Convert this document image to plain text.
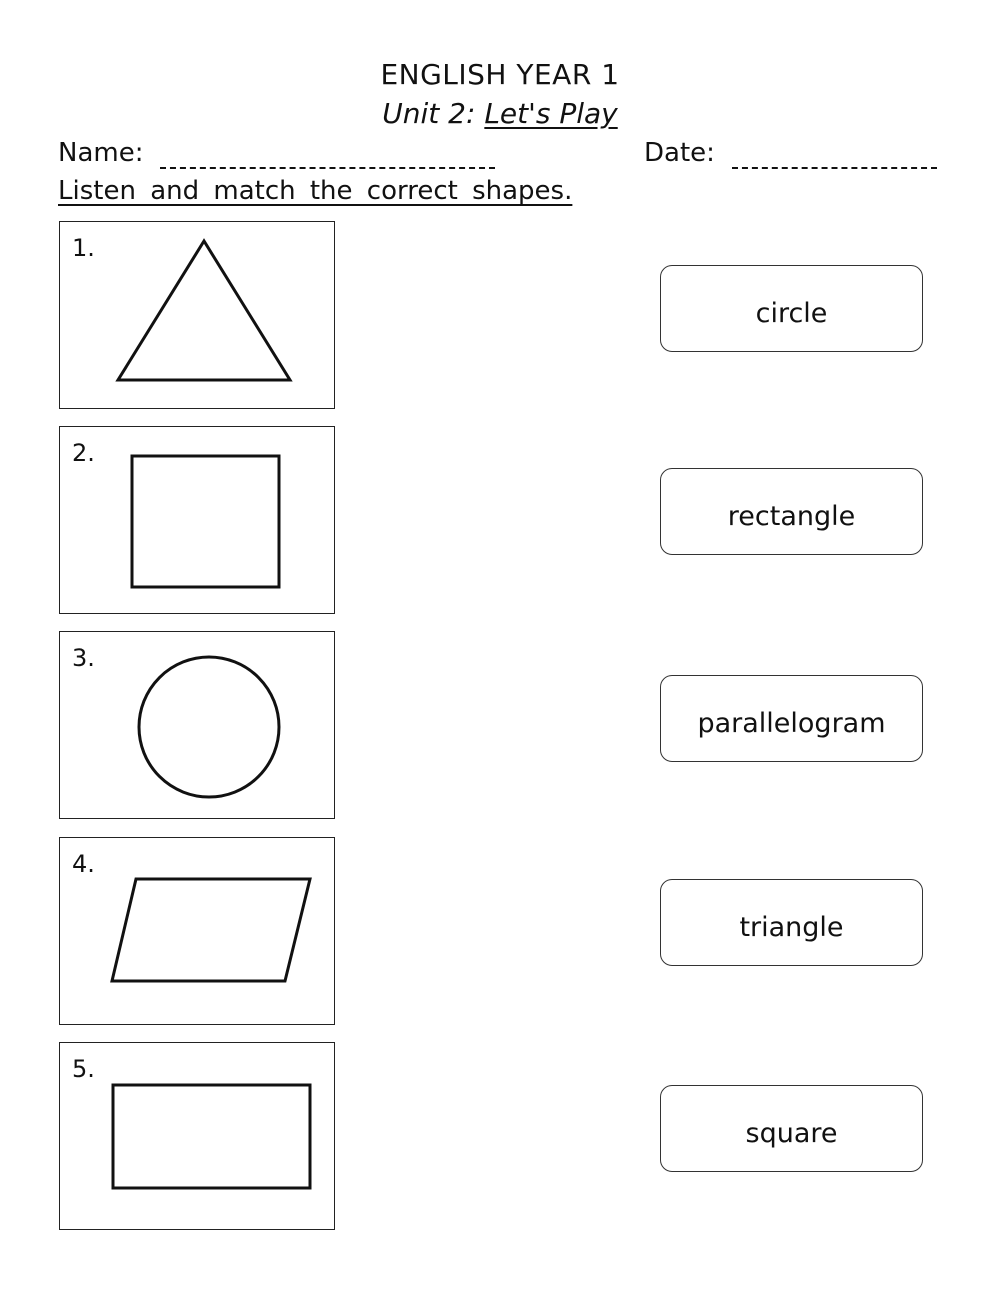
ENGLISH YEAR 1
Unit 2: Let's Play
Name:	Date:
Listen and match the correct shapes.
1.
2.
3.
4.
5.
circle
rectangle
parallelogram
triangle
square
